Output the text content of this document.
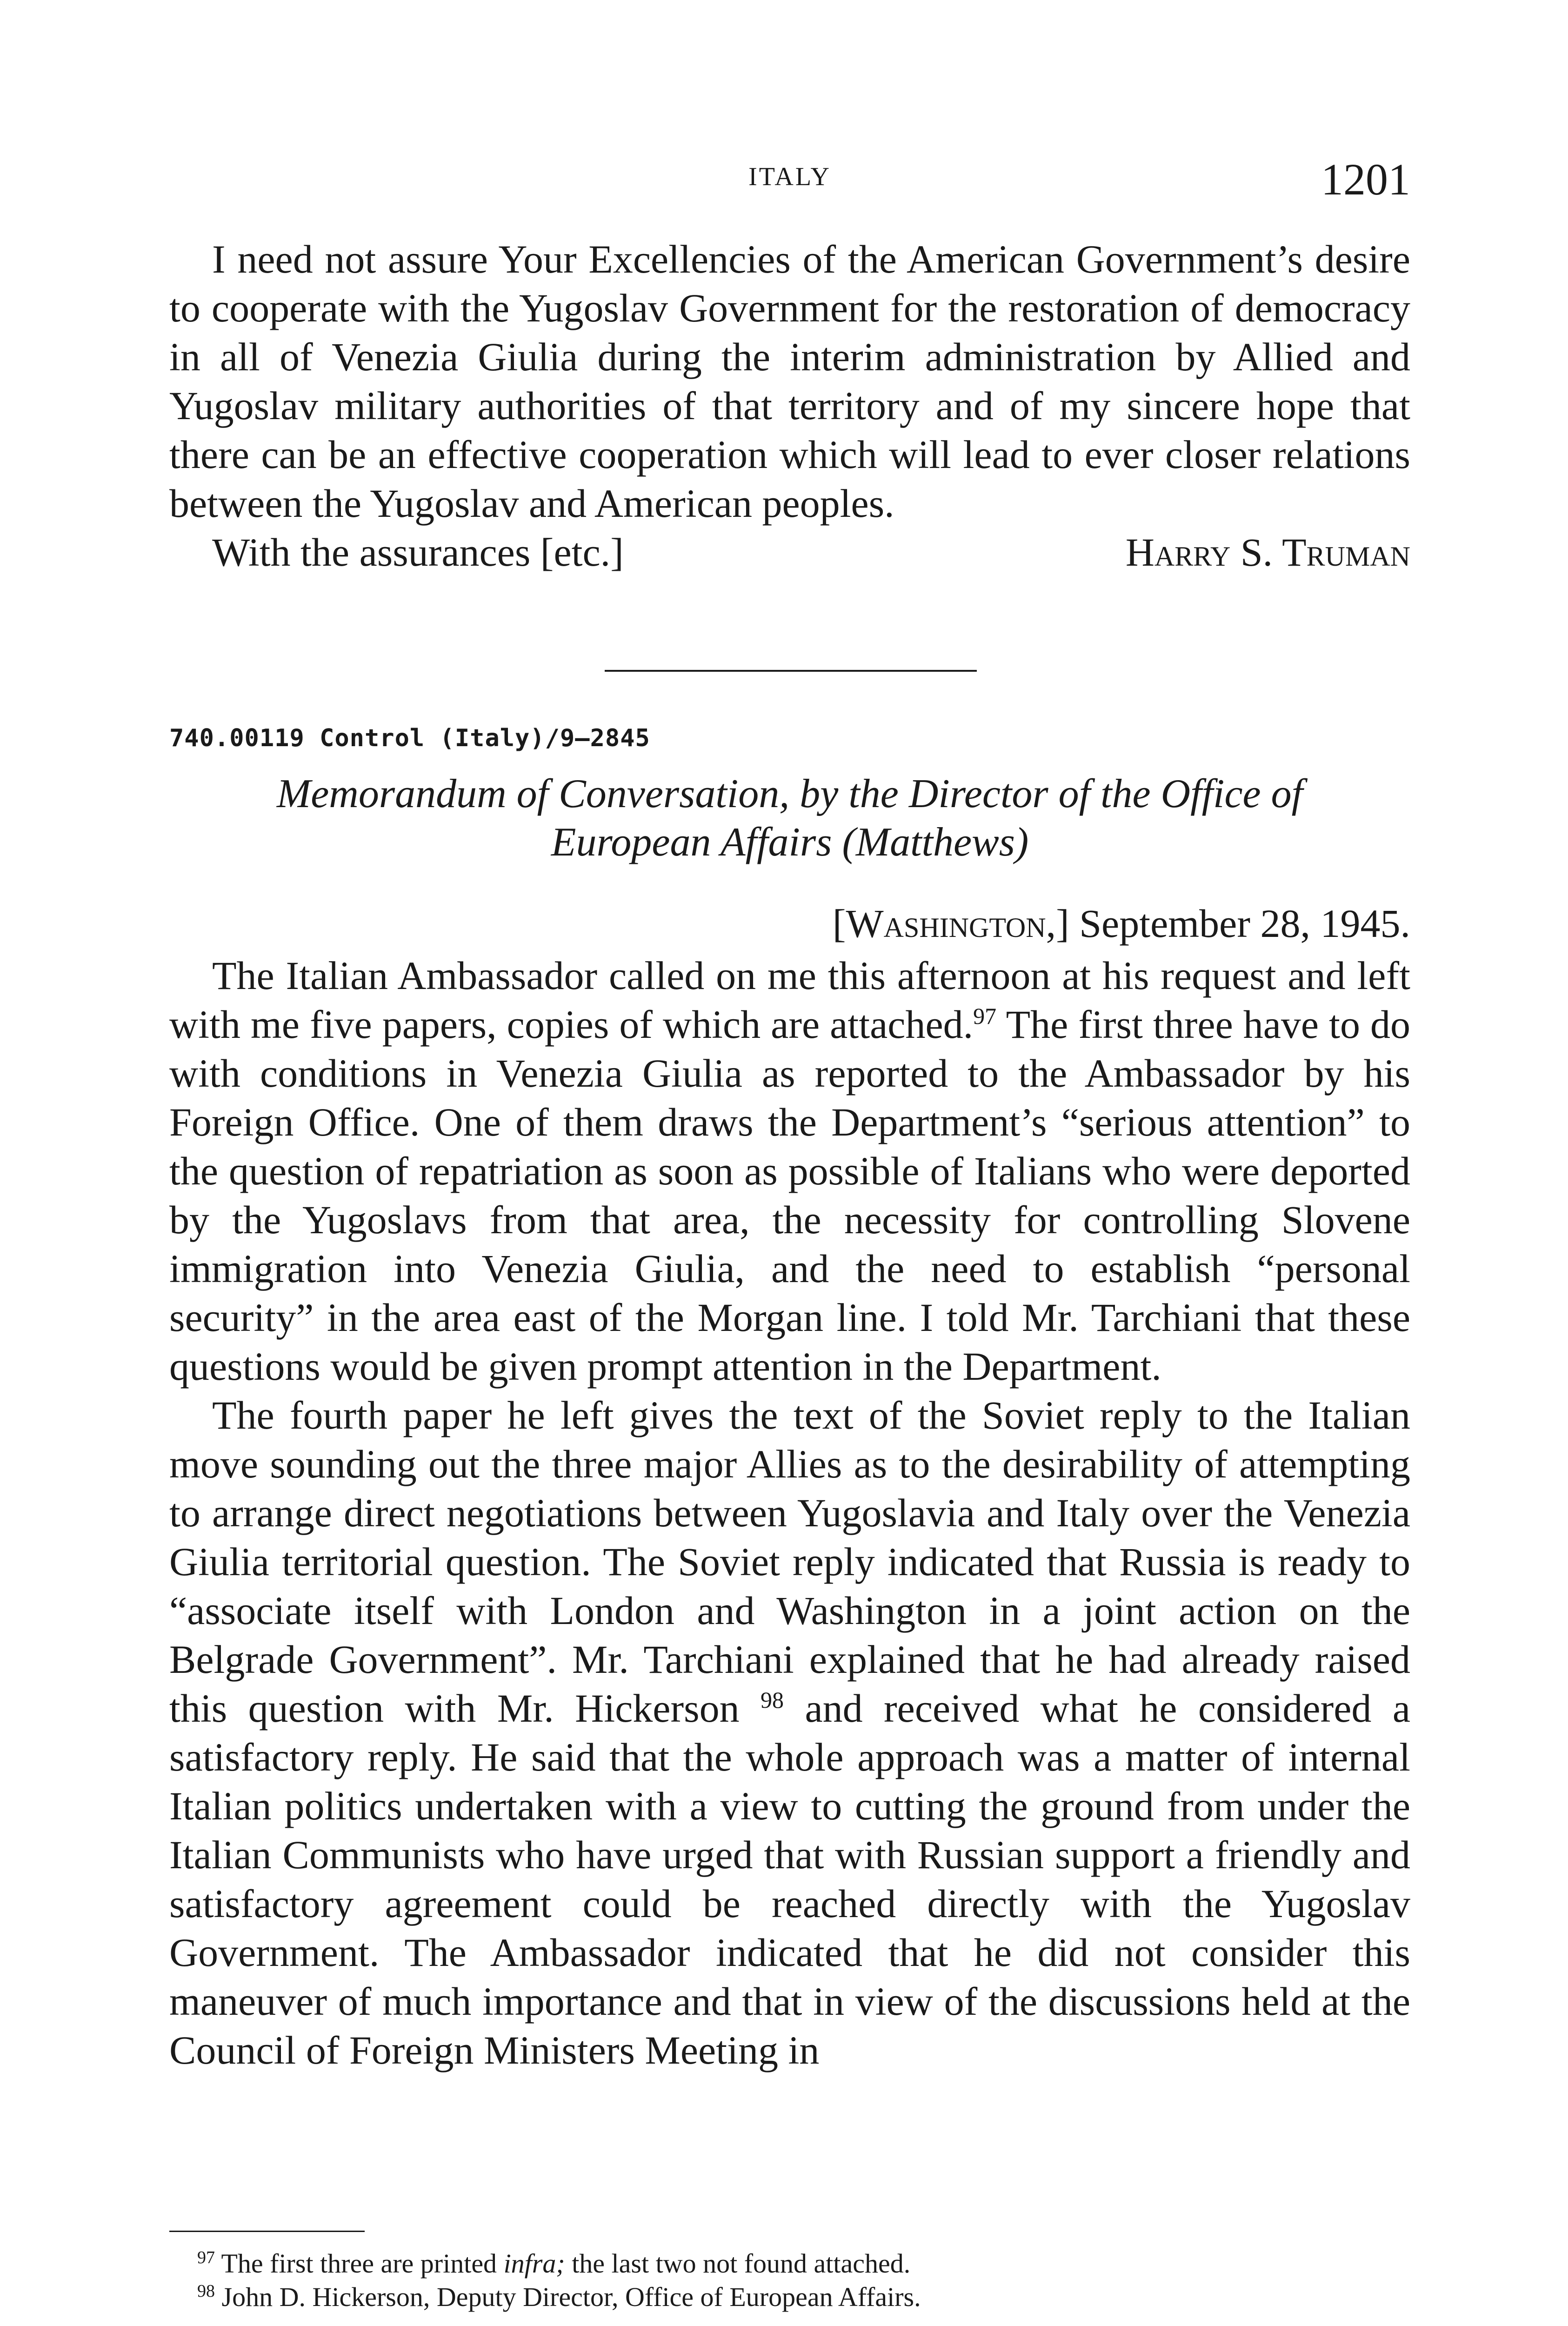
ITALY	1201

I need not assure Your Excellencies of the American Government’s desire to cooperate with the Yugoslav Government for the restoration of democracy in all of Venezia Giulia during the interim administration by Allied and Yugoslav military authorities of that territory and of my sincere hope that there can be an effective cooperation which will lead to ever closer relations between the Yugoslav and American peoples.

With the assurances [etc.]	Harry S. Truman
740.00119 Control (Italy)/9–2845
Memorandum of Conversation, by the Director of the Office of
European Affairs (Matthews)
[Washington,] September 28, 1945.

The Italian Ambassador called on me this afternoon at his request and left with me five papers, copies of which are attached.$^{97}$ The first three have to do with conditions in Venezia Giulia as reported to the Ambassador by his Foreign Office. One of them draws the Department’s “serious attention” to the question of repatriation as soon as possible of Italians who were deported by the Yugoslavs from that area, the necessity for controlling Slovene immigration into Venezia Giulia, and the need to establish “personal security” in the area east of the Morgan line. I told Mr. Tarchiani that these questions would be given prompt attention in the Department.

The fourth paper he left gives the text of the Soviet reply to the Italian move sounding out the three major Allies as to the desirability of attempting to arrange direct negotiations between Yugoslavia and Italy over the Venezia Giulia territorial question. The Soviet reply indicated that Russia is ready to “associate itself with London and Washington in a joint action on the Belgrade Government”. Mr. Tarchiani explained that he had already raised this question with Mr. Hickerson $^{98}$ and received what he considered a satisfactory reply. He said that the whole approach was a matter of internal Italian politics undertaken with a view to cutting the ground from under the Italian Communists who have urged that with Russian support a friendly and satisfactory agreement could be reached directly with the Yugoslav Government. The Ambassador indicated that he did not consider this maneuver of much importance and that in view of the discussions held at the Council of Foreign Ministers Meeting in

$^{97}$ The first three are printed infra; the last two not found attached.
$^{98}$ John D. Hickerson, Deputy Director, Office of European Affairs.
